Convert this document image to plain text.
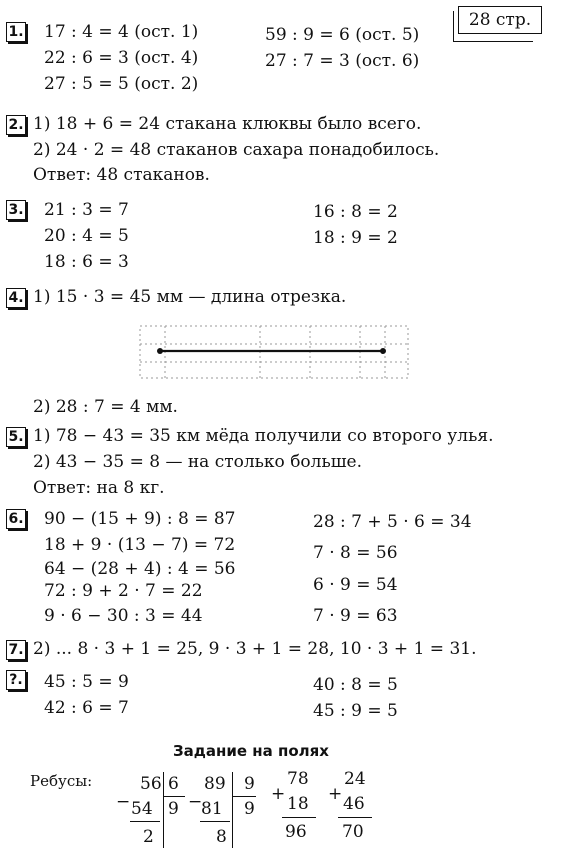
28 стр.
1. 17 : 4 = 4 (ост. 1)
22 : 6 = 3 (ост. 4)
27 : 5 = 5 (ост. 2)
59 : 9 = 6 (ост. 5)
27 : 7 = 3 (ост. 6)
2. 1) 18 + 6 = 24 стакана клюквы было всего.
2) 24 · 2 = 48 стаканов сахара понадобилось.
Ответ: 48 стаканов.
3. 21 : 3 = 7
20 : 4 = 5
18 : 6 = 3
16 : 8 = 2
18 : 9 = 2
4. 1) 15 · 3 = 45 мм — длина отрезка.
2) 28 : 7 = 4 мм.
5. 1) 78 − 43 = 35 км мёда получили со второго улья.
2) 43 − 35 = 8 — на столько больше.
Ответ: на 8 кг.
6. 90 − (15 + 9) : 8 = 87
18 + 9 · (13 − 7) = 72
64 − (28 + 4) : 4 = 56
72 : 9 + 2 · 7 = 22
9 · 6 − 30 : 3 = 44
28 : 7 + 5 · 6 = 34
7 · 8 = 56
6 · 9 = 54
7 · 9 = 63
7. 2) ... 8 · 3 + 1 = 25, 9 · 3 + 1 = 28, 10 · 3 + 1 = 31.
?. 45 : 5 = 9
42 : 6 = 7
40 : 8 = 5
45 : 9 = 5
Задание на полях
Ребусы:	56 6
9
− 54
2
89 9
9
−
81
8
78
+ 18
96
24
+ 46
70
